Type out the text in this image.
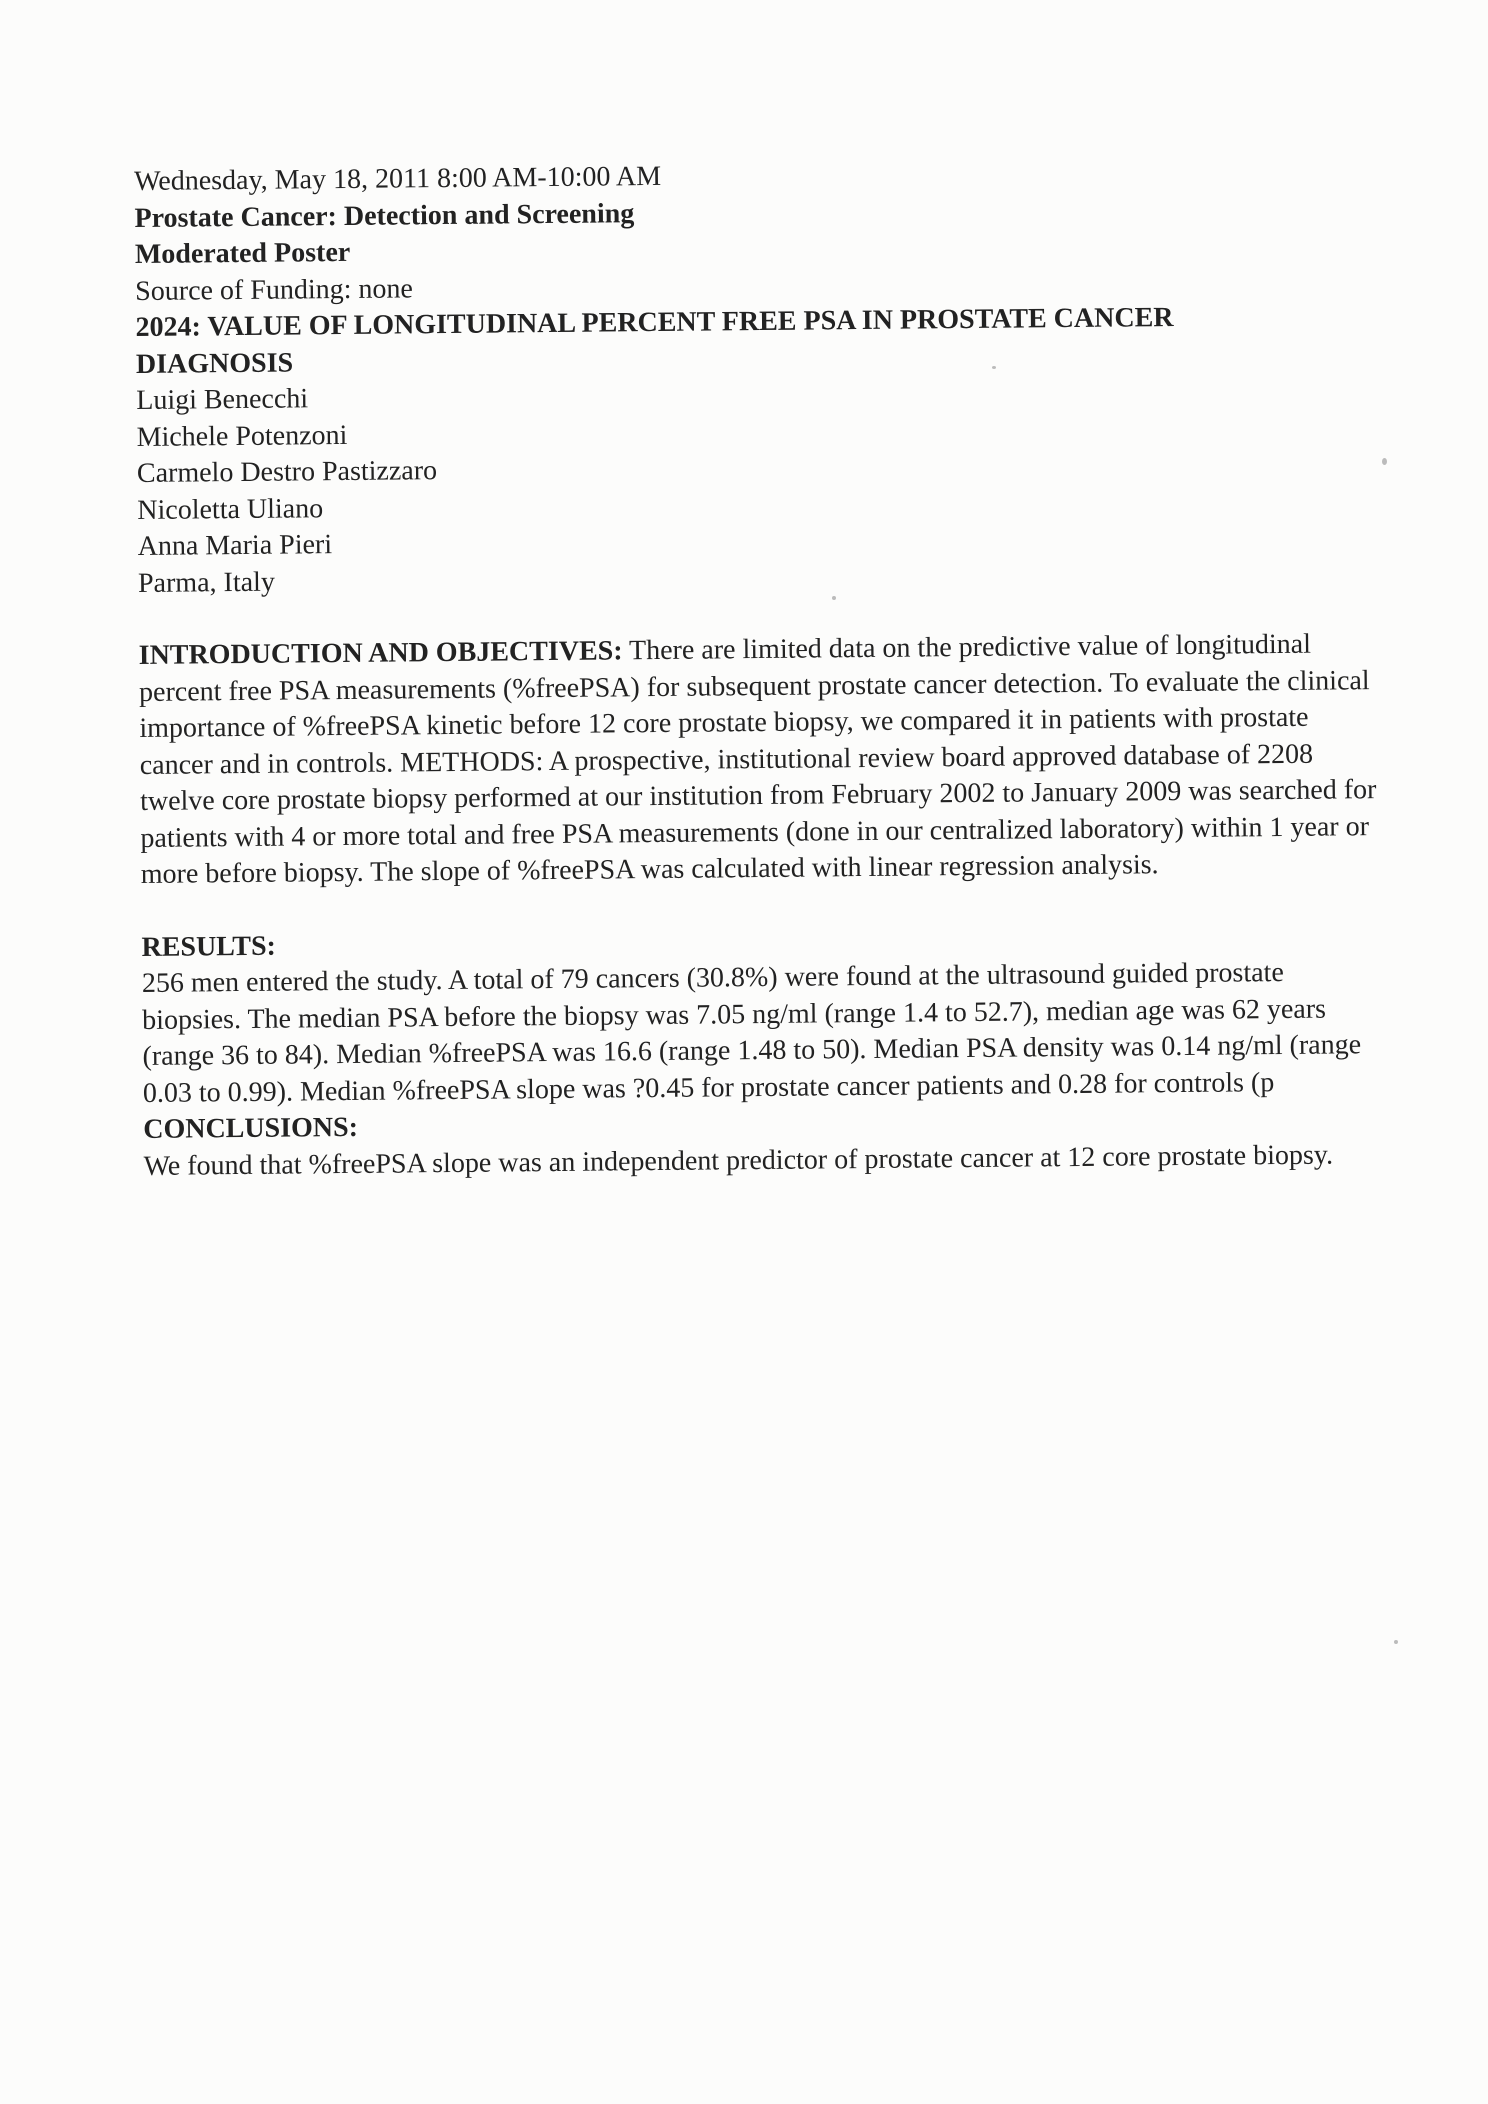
Wednesday, May 18, 2011 8:00 AM-10:00 AM
Prostate Cancer: Detection and Screening
Moderated Poster
Source of Funding: none
2024: VALUE OF LONGITUDINAL PERCENT FREE PSA IN PROSTATE CANCER
DIAGNOSIS
Luigi Benecchi
Michele Potenzoni
Carmelo Destro Pastizzaro
Nicoletta Uliano
Anna Maria Pieri
Parma, Italy

INTRODUCTION AND OBJECTIVES: There are limited data on the predictive value of longitudinal percent free PSA measurements (%freePSA) for subsequent prostate cancer detection. To evaluate the clinical importance of %freePSA kinetic before 12 core prostate biopsy, we compared it in patients with prostate cancer and in controls. METHODS: A prospective, institutional review board approved database of 2208 twelve core prostate biopsy performed at our institution from February 2002 to January 2009 was searched for patients with 4 or more total and free PSA measurements (done in our centralized laboratory) within 1 year or more before biopsy. The slope of %freePSA was calculated with linear regression analysis.

RESULTS:

256 men entered the study. A total of 79 cancers (30.8%) were found at the ultrasound guided prostate biopsies. The median PSA before the biopsy was 7.05 ng/ml (range 1.4 to 52.7), median age was 62 years (range 36 to 84). Median %freePSA was 16.6 (range 1.48 to 50). Median PSA density was 0.14 ng/ml (range 0.03 to 0.99). Median %freePSA slope was ?0.45 for prostate cancer patients and 0.28 for controls (p

CONCLUSIONS:

We found that %freePSA slope was an independent predictor of prostate cancer at 12 core prostate biopsy.
